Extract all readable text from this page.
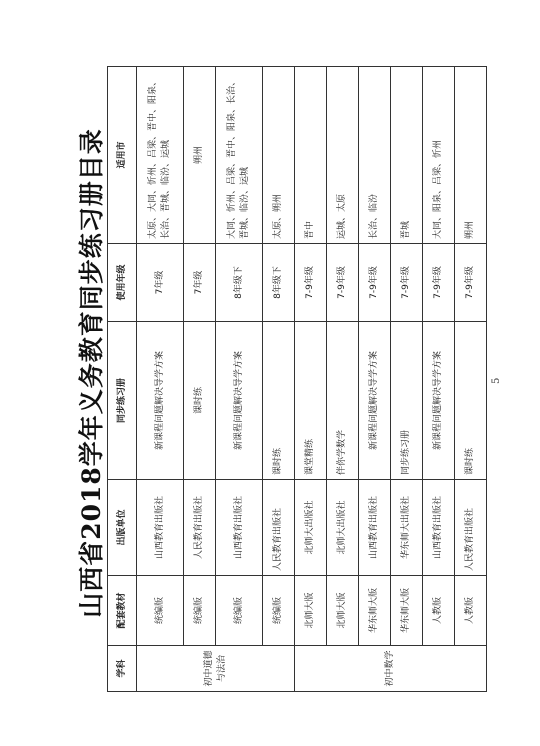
山西省2018学年义务教育同步练习册目录
学科	配套教材	出版单位	同步练习册	使用年级	适用市
初中道德与法治	统编版	山西教育出版社	新课程问题解决导学方案	7年级	太原、大同、忻州、吕梁、晋中、阳泉、长治、晋城、临汾、运城
	统编版	人民教育出版社	课时练	7年级	朔州
	统编版	山西教育出版社	新课程问题解决导学方案	8年级下	大同、忻州、吕梁、晋中、阳泉、长治、晋城、临汾、运城
	统编版	人民教育出版社	课时练	8年级下	太原、朔州
初中数学	北师大版	北师大出版社	课堂精练	7-9年级	晋中
	北师大版	北师大出版社	伴你学数学	7-9年级	运城、太原
	华东师大版	山西教育出版社	新课程问题解决导学方案	7-9年级	长治、临汾
	华东师大版	华东师大出版社	同步练习册	7-9年级	晋城
	人教版	山西教育出版社	新课程问题解决导学方案	7-9年级	大同、阳泉、吕梁、忻州
	人教版	人民教育出版社	课时练	7-9年级	朔州
5
